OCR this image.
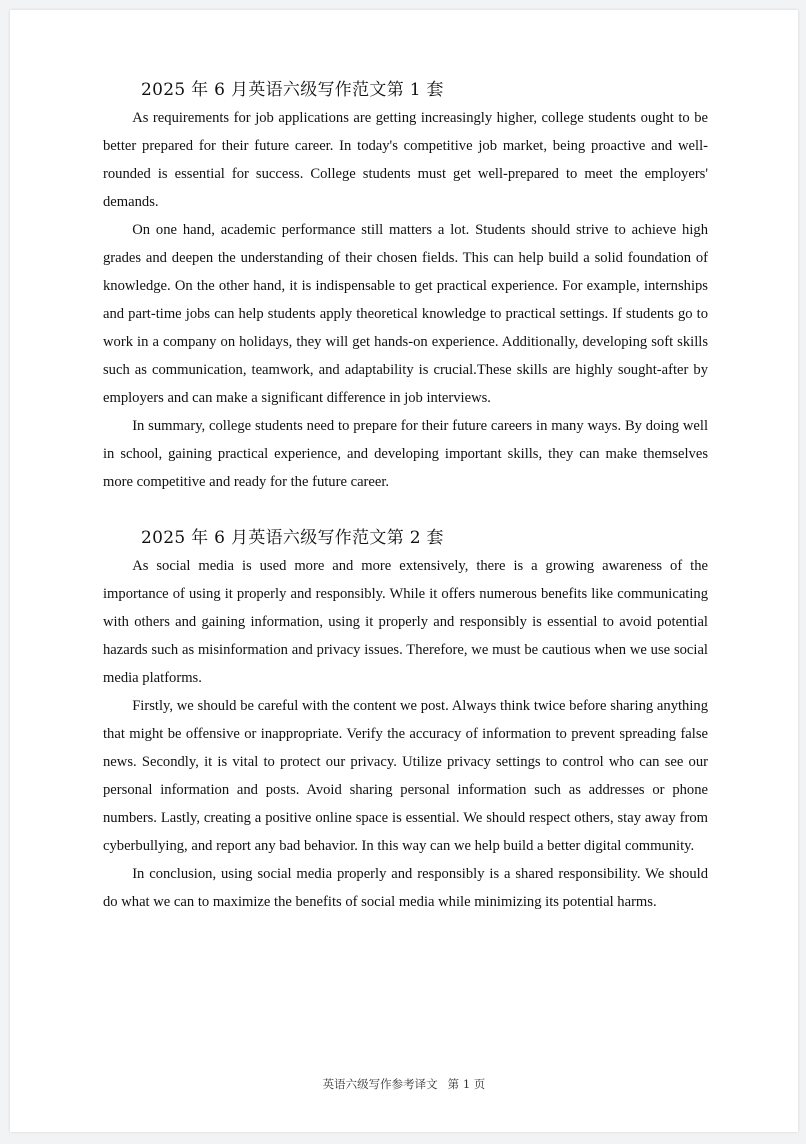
2025 年 6 月英语六级写作范文第 1 套

As requirements for job applications are getting increasingly higher, college students ought to be better prepared for their future career. In today's competitive job market, being proactive and well-rounded is essential for success. College students must get well-prepared to meet the employers' demands.

On one hand, academic performance still matters a lot. Students should strive to achieve high grades and deepen the understanding of their chosen fields. This can help build a solid foundation of knowledge. On the other hand, it is indispensable to get practical experience. For example, internships and part-time jobs can help students apply theoretical knowledge to practical settings. If students go to work in a company on holidays, they will get hands-on experience. Additionally, developing soft skills such as communication, teamwork, and adaptability is crucial.These skills are highly sought-after by employers and can make a significant difference in job interviews.

In summary, college students need to prepare for their future careers in many ways. By doing well in school, gaining practical experience, and developing important skills, they can make themselves more competitive and ready for the future career.

2025 年 6 月英语六级写作范文第 2 套

As social media is used more and more extensively, there is a growing awareness of the importance of using it properly and responsibly. While it offers numerous benefits like communicating with others and gaining information, using it properly and responsibly is essential to avoid potential hazards such as misinformation and privacy issues. Therefore, we must be cautious when we use social media platforms.

Firstly, we should be careful with the content we post. Always think twice before sharing anything that might be offensive or inappropriate. Verify the accuracy of information to prevent spreading false news. Secondly, it is vital to protect our privacy. Utilize privacy settings to control who can see our personal information and posts. Avoid sharing personal information such as addresses or phone numbers. Lastly, creating a positive online space is essential. We should respect others, stay away from cyberbullying, and report any bad behavior. In this way can we help build a better digital community.

In conclusion, using social media properly and responsibly is a shared responsibility. We should do what we can to maximize the benefits of social media while minimizing its potential harms.

英语六级写作参考译文 第 1 页
